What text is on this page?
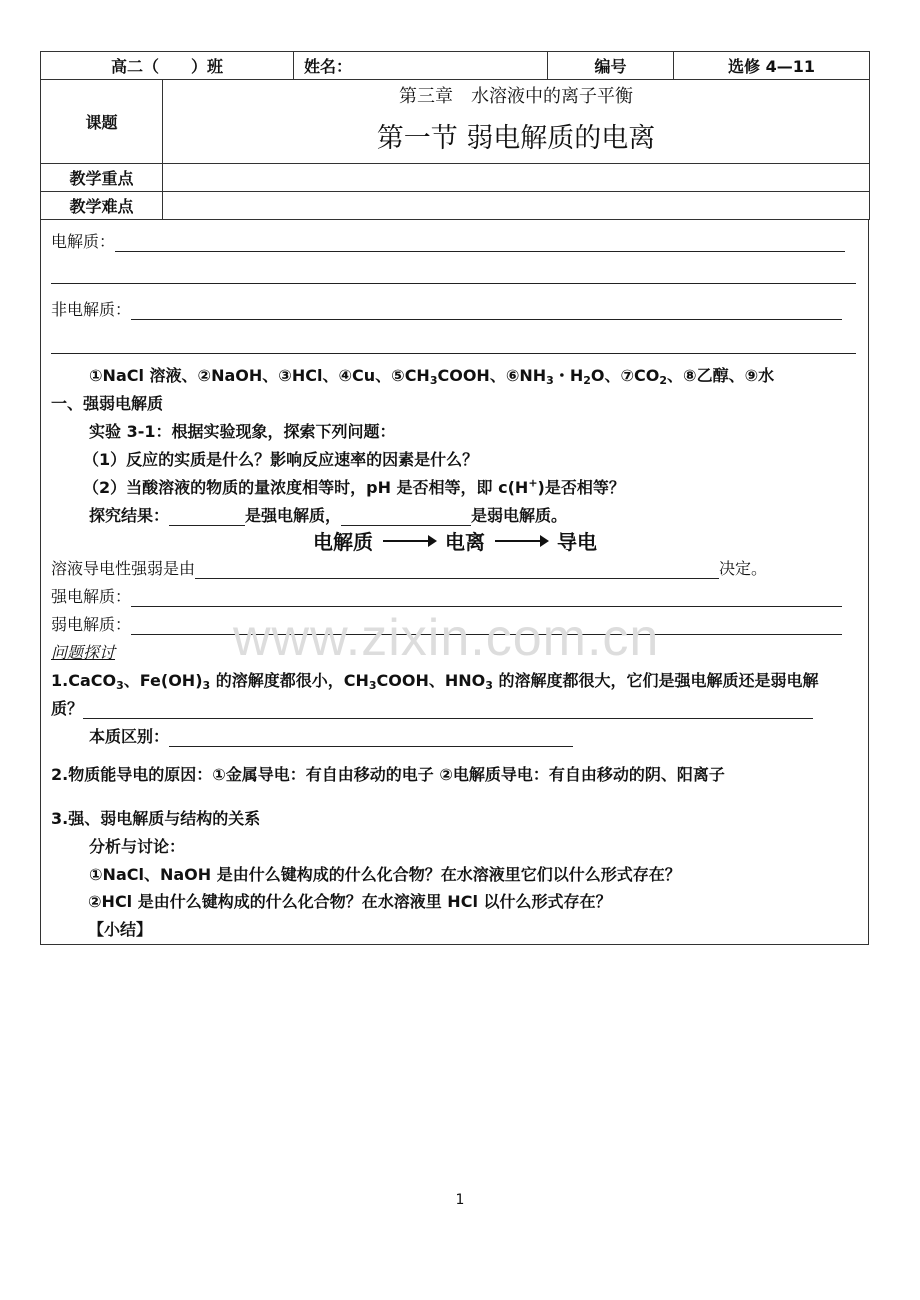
高二（　　）班		姓名：	编号	选修 4—11
课题	第三章　水溶液中的离子平衡
第一节 弱电解质的电离			

教学重点				
教学难点				
电解质：
非电解质：
①NaCl 溶液、②NaOH、③HCl、④Cu、$⑤CH_3COOH$、$⑥NH_3$・$H_2O$、$⑦CO_2$、⑧乙醇、⑨水
一、强弱电解质
实验 3-1：根据实验现象，探索下列问题：
（1）反应的实质是什么？影响反应速率的因素是什么？
（2）当酸溶液的物质的量浓度相等时，pH 是否相等，即 c(H+)是否相等？
探究结果：	是强电解质，	是弱电解质。
电解质	电离	导电
溶液导电性强弱是由	决定。
强电解质：
弱电解质：
问题探讨
1.CaCO$_3$、$Fe(OH)_3$ 的溶解度都很小，$CH_3COOH$、$HNO_3$ 的溶解度都很大，它们是强电解质还是弱电解
质？
本质区别：
2.物质能导电的原因：①金属导电：有自由移动的电子 ②电解质导电：有自由移动的阴、阳离子
3.强、弱电解质与结构的关系
分析与讨论：
①NaCl、NaOH 是由什么键构成的什么化合物？在水溶液里它们以什么形式存在？
②HCl 是由什么键构成的什么化合物？在水溶液里 HCl 以什么形式存在？
【小结】
www.zixin.com.cn
1
